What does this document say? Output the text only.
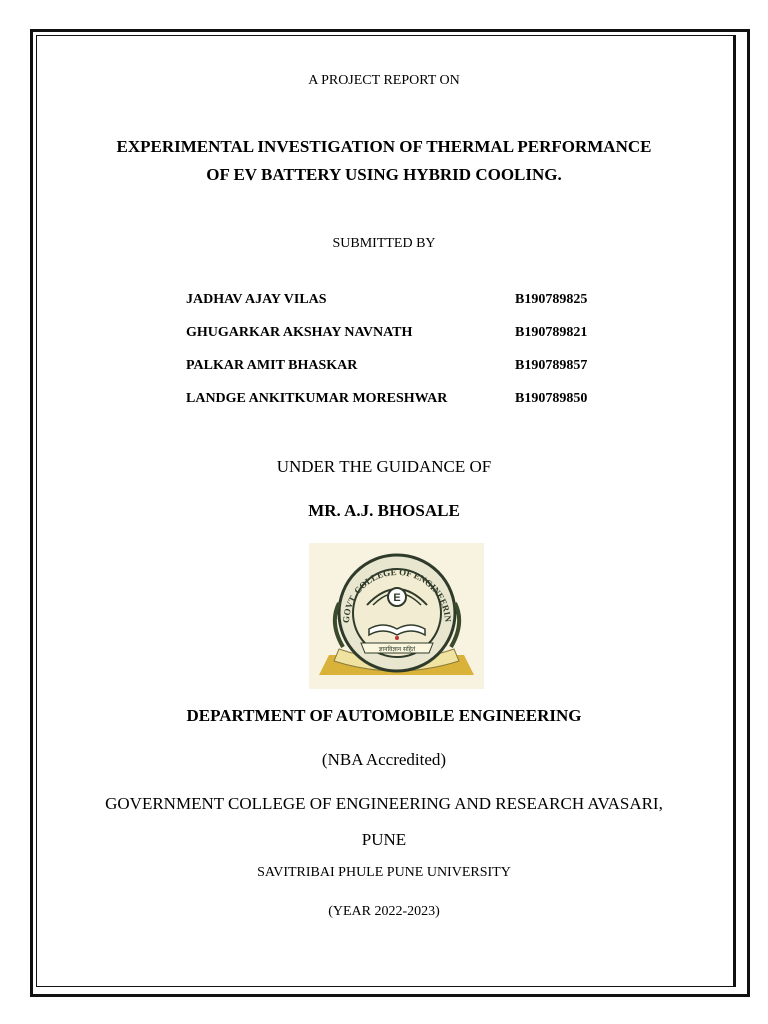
A PROJECT REPORT ON
EXPERIMENTAL INVESTIGATION OF THERMAL PERFORMANCE
OF EV BATTERY USING HYBRID COOLING.
SUBMITTED BY
JADHAV AJAY VILAS	B190789825
GHUGARKAR AKSHAY NAVNATH	B190789821
PALKAR AMIT BHASKAR	B190789857
LANDGE ANKITKUMAR MORESHWAR	B190789850
UNDER THE GUIDANCE OF
MR. A.J. BHOSALE
GOVT. COLLEGE OF ENGINEERIN
E
ज्ञानविज्ञान सहितं
DEPARTMENT OF AUTOMOBILE ENGINEERING
(NBA Accredited)
GOVERNMENT COLLEGE OF ENGINEERING AND RESEARCH AVASARI,
PUNE
SAVITRIBAI PHULE PUNE UNIVERSITY
(YEAR 2022-2023)
